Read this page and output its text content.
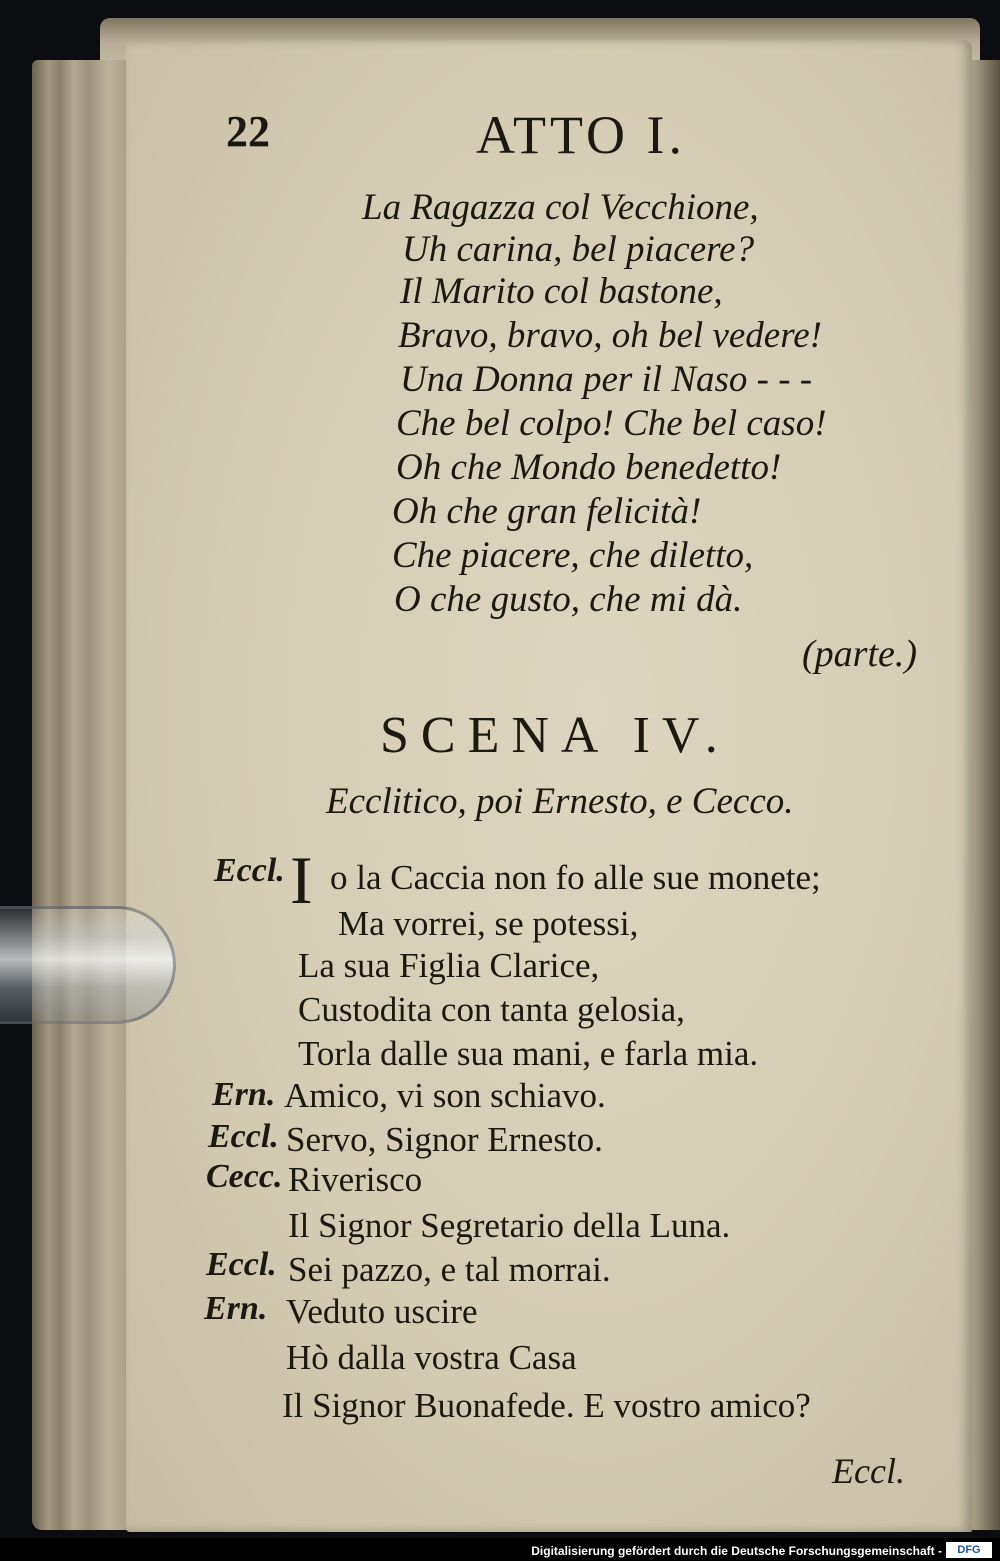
22	ATTO I.
La Ragazza col Vecchione,
Uh carina, bel piacere?
Il Marito col bastone,
Bravo, bravo, oh bel vedere!
Una Donna per il Naso - - -
Che bel colpo! Che bel caso!
Oh che Mondo benedetto!
Oh che gran felicità!
Che piacere, che diletto,
O che gusto, che mi dà.
(parte.)
SCENA IV.
Ecclitico, poi Ernesto, e Cecco.
Eccl. I o la Caccia non fo alle sue monete;
Ma vorrei, se potessi,
La sua Figlia Clarice,
Custodita con tanta gelosia,
Torla dalle sua mani, e farla mia.
Ern. Amico, vi son schiavo.
Eccl. Servo, Signor Ernesto.
Cecc. Riverisco
Il Signor Segretario della Luna.
Eccl. Sei pazzo, e tal morrai.
Ern. Veduto uscire
Hò dalla vostra Casa
Il Signor Buonafede. E vostro amico?
Eccl.
Digitalisierung gefördert durch die Deutsche Forschungsgemeinschaft -	DFG
